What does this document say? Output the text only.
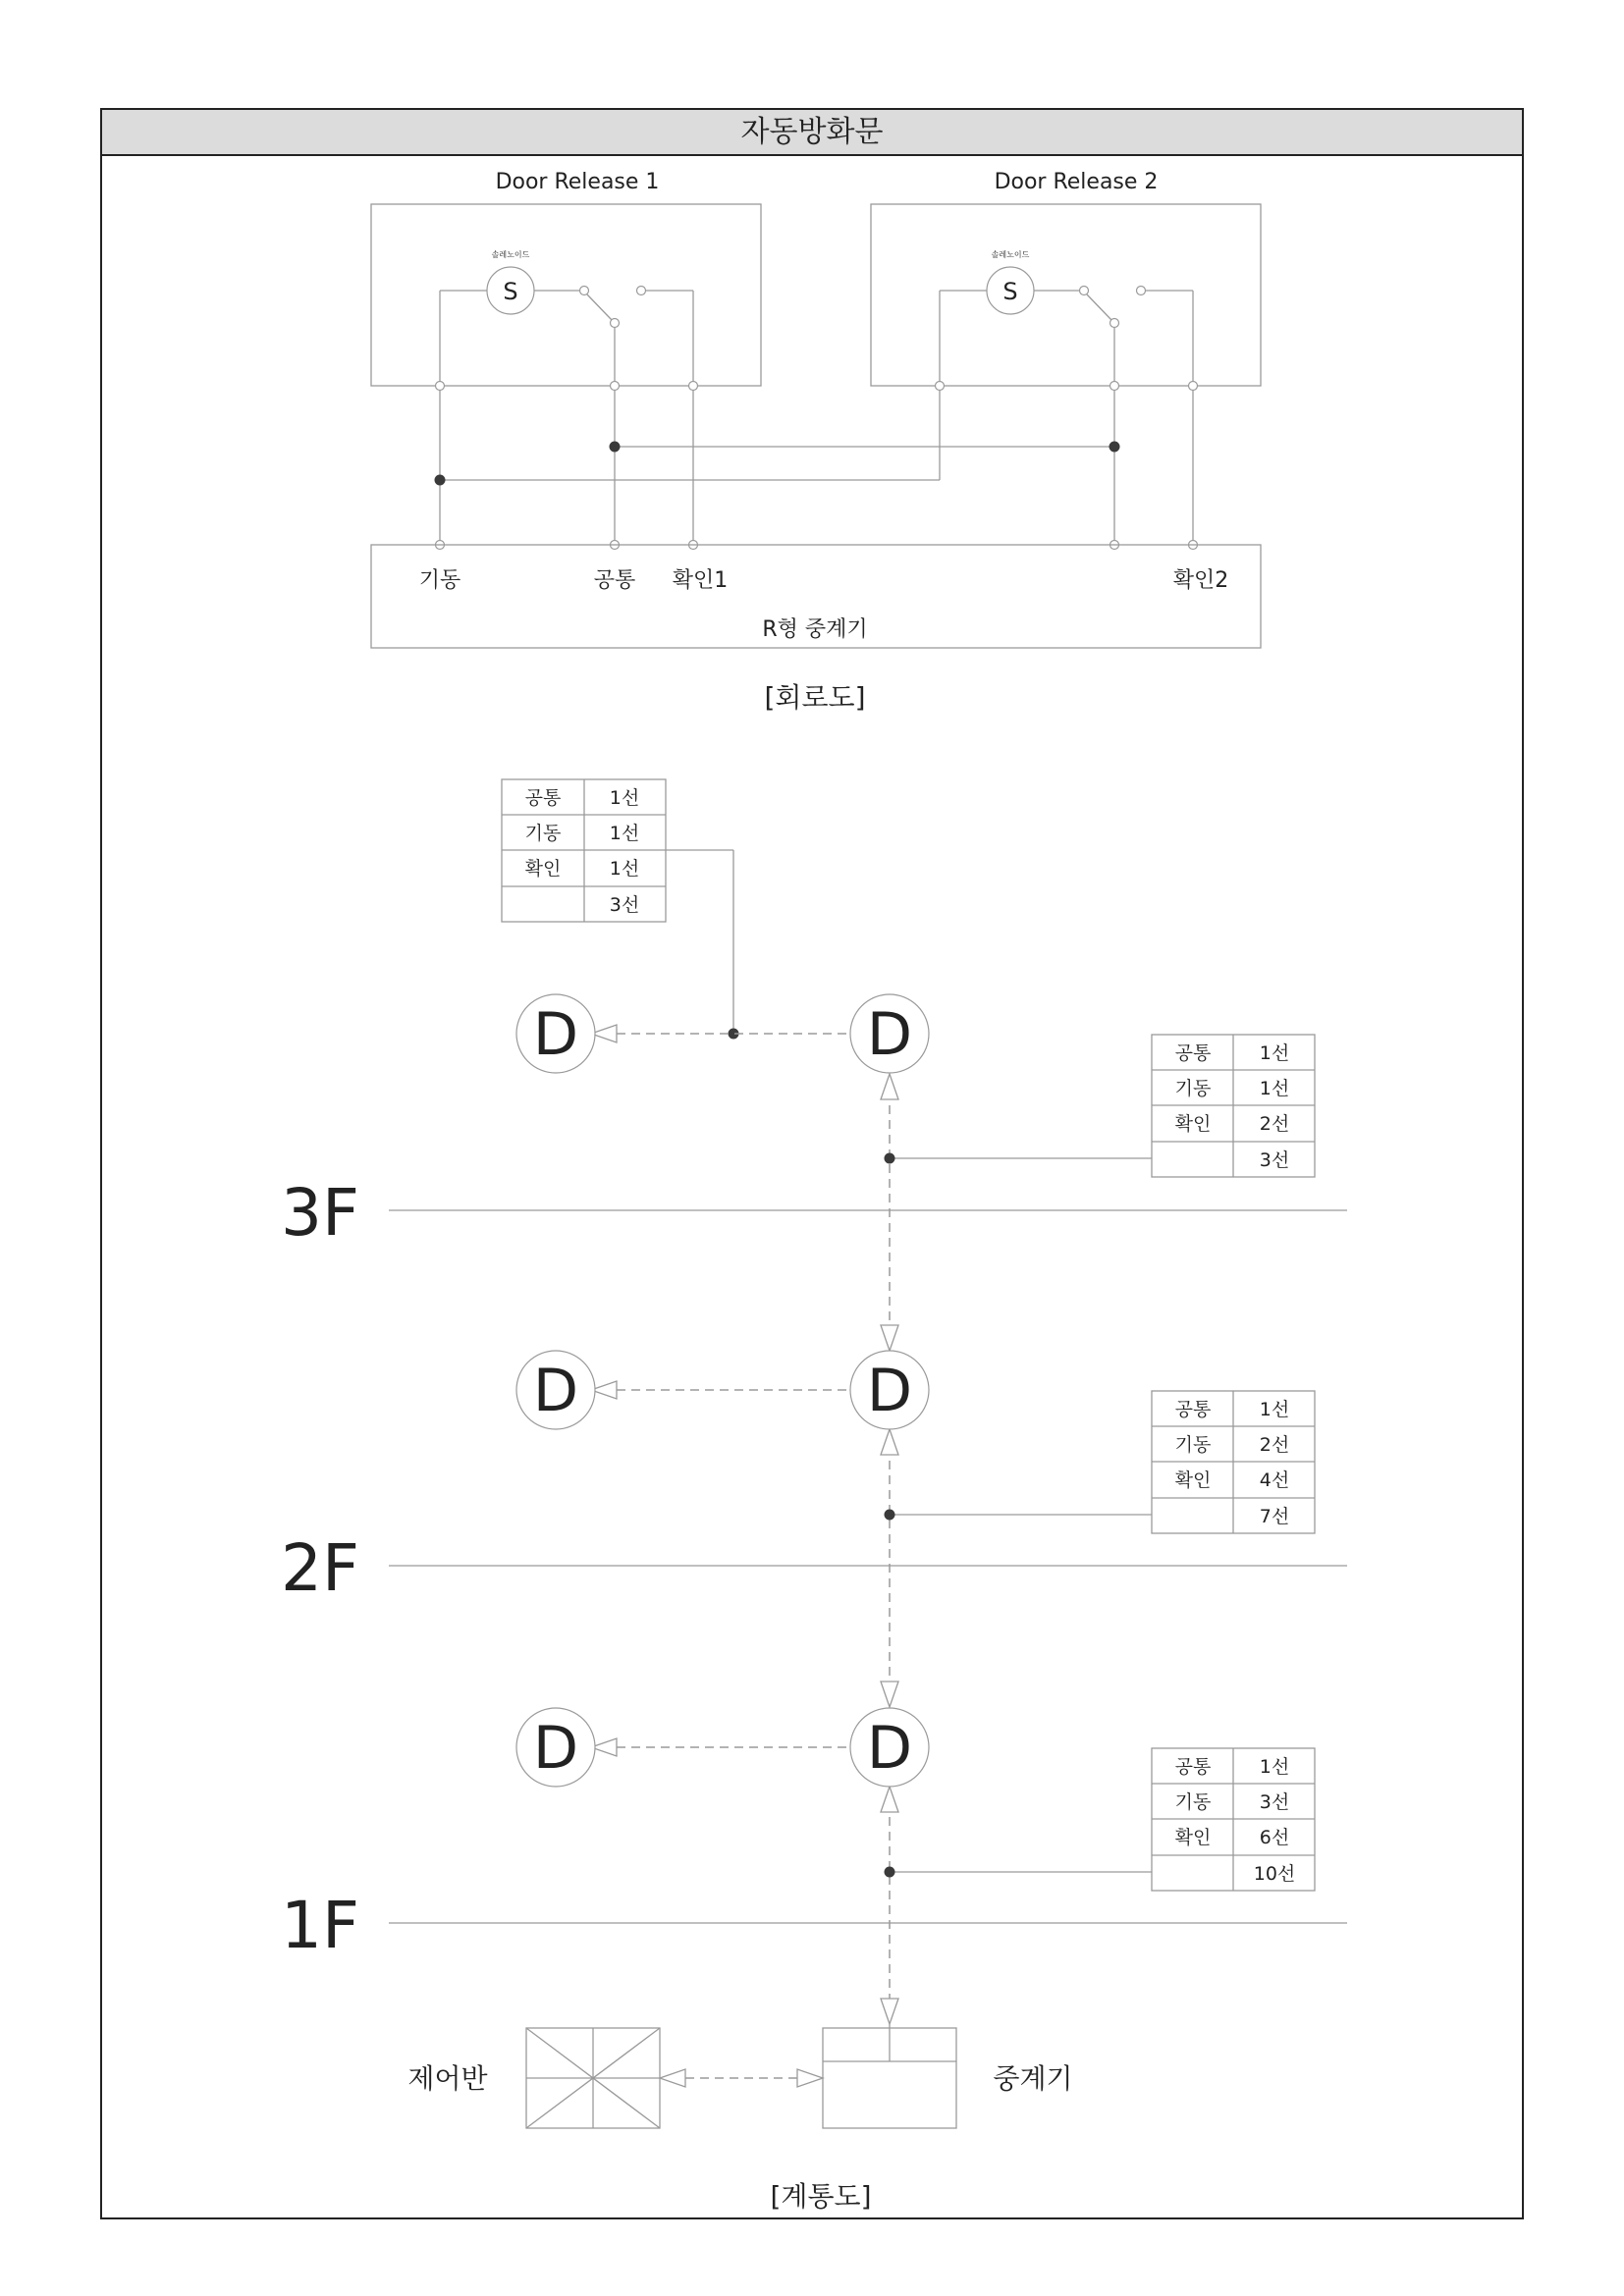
자동방화문
Door Release 1	Door Release 2
솔레노이드
S
솔레노이드
S
기동	공통 확인1	확인2
R형 중계기
[회로도]
공통	1선
기동	1선
확인	1선
3선
3F
2F
1F
D	D
D	D
D	D
공통	1선
기동	1선
확인	2선
3선
공통	1선
기동	2선
확인	4선
7선
공통	1선
기동	3선
확인	6선
10선
제어반	중계기
[계통도]
